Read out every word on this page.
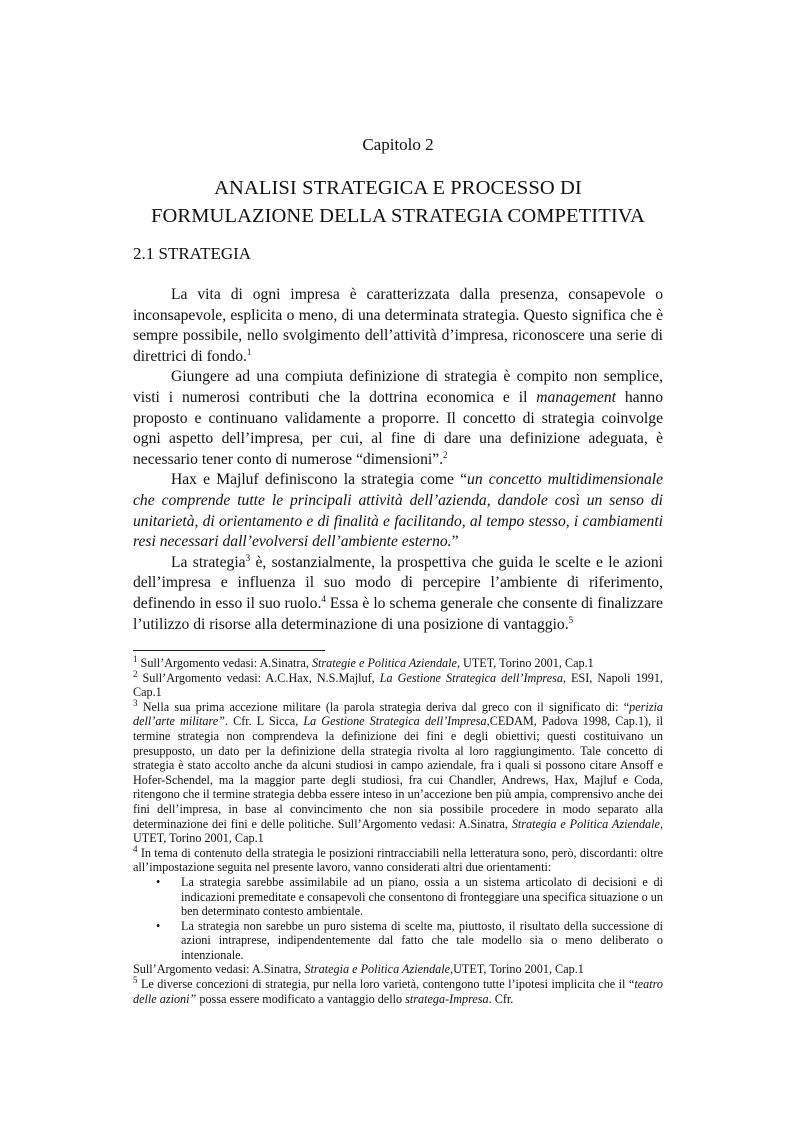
Capitolo 2
ANALISI STRATEGICA E PROCESSO DI
FORMULAZIONE DELLA STRATEGIA COMPETITIVA
2.1 STRATEGIA

La vita di ogni impresa è caratterizzata dalla presenza, consapevole o inconsapevole, esplicita o meno, di una determinata strategia. Questo significa che è sempre possibile, nello svolgimento dell’attività d’impresa, riconoscere una serie di direttrici di fondo.$^1$

Giungere ad una compiuta definizione di strategia è compito non semplice, visti i numerosi contributi che la dottrina economica e il management hanno proposto e continuano validamente a proporre. Il concetto di strategia coinvolge ogni aspetto dell’impresa, per cui, al fine di dare una definizione adeguata, è necessario tener conto di numerose “dimensioni”.$^2$

Hax e Majluf definiscono la strategia come “un concetto multidimensionale che comprende tutte le principali attività dell’azienda, dandole così un senso di unitarietà, di orientamento e di finalità e facilitando, al tempo stesso, i cambiamenti resi necessari dall’evolversi dell’ambiente esterno.”

La strategia$^3$ è, sostanzialmente, la prospettiva che guida le scelte e le azioni dell’impresa e influenza il suo modo di percepire l’ambiente di riferimento, definendo in esso il suo ruolo.$^4$ Essa è lo schema generale che consente di finalizzare l’utilizzo di risorse alla determinazione di una posizione di vantaggio.$^5$

$^1$ Sull’Argomento vedasi: A.Sinatra, Strategie e Politica Aziendale, UTET, Torino 2001, Cap.1

$^2$ Sull’Argomento vedasi: A.C.Hax, N.S.Majluf, La Gestione Strategica dell’Impresa, ESI, Napoli 1991, Cap.1

$^3$ Nella sua prima accezione militare (la parola strategia deriva dal greco con il significato di: “perizia dell’arte militare”. Cfr. L Sicca, La Gestione Strategica dell’Impresa,CEDAM, Padova 1998, Cap.1), il termine strategia non comprendeva la definizione dei fini e degli obiettivi; questi costituivano un presupposto, un dato per la definizione della strategia rivolta al loro raggiungimento. Tale concetto di strategia è stato accolto anche da alcuni studiosi in campo aziendale, fra i quali si possono citare Ansoff e Hofer-Schendel, ma la maggior parte degli studiosi, fra cui Chandler, Andrews, Hax, Majluf e Coda, ritengono che il termine strategia debba essere inteso in un’accezione ben più ampia, comprensivo anche dei fini dell’impresa, in base al convincimento che non sia possibile procedere in modo separato alla determinazione dei fini e delle politiche. Sull’Argomento vedasi: A.Sinatra, Strategia e Politica Aziendale, UTET, Torino 2001, Cap.1

$^4$ In tema di contenuto della strategia le posizioni rintracciabili nella letteratura sono, però, discordanti: oltre all’impostazione seguita nel presente lavoro, vanno considerati altri due orientamenti:

• La strategia sarebbe assimilabile ad un piano, ossia a un sistema articolato di decisioni e di indicazioni premeditate e consapevoli che consentono di fronteggiare una specifica situazione o un ben determinato contesto ambientale.
• La strategia non sarebbe un puro sistema di scelte ma, piuttosto, il risultato della successione di azioni intraprese, indipendentemente dal fatto che tale modello sia o meno deliberato o intenzionale.

Sull’Argomento vedasi: A.Sinatra, Strategia e Politica Aziendale,UTET, Torino 2001, Cap.1

$^5$ Le diverse concezioni di strategia, pur nella loro varietà, contengono tutte l’ipotesi implicita che il “teatro delle azioni” possa essere modificato a vantaggio dello stratega-Impresa. Cfr.
